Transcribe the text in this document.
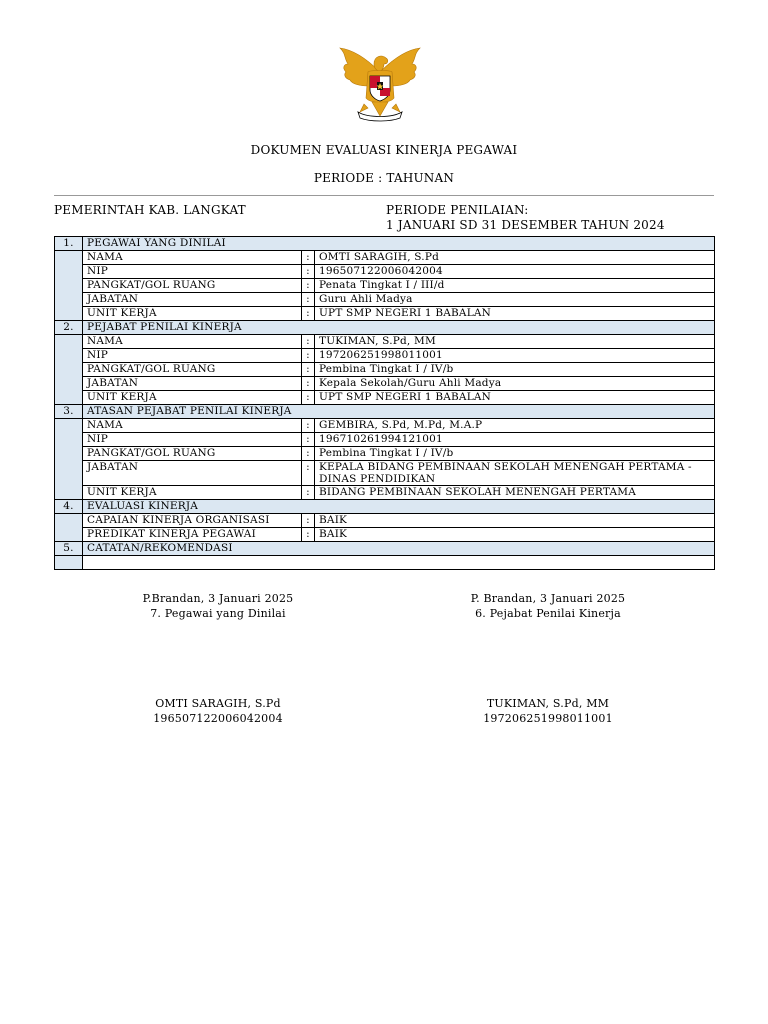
DOKUMEN EVALUASI KINERJA PEGAWAI
PERIODE : TAHUNAN
PEMERINTAH KAB. LANGKAT	PERIODE PENILAIAN:
1 JANUARI SD 31 DESEMBER TAHUN 2024
1.	PEGAWAI YANG DINILAI		
	NAMA	:	OMTI SARAGIH, S.Pd
	NIP	:	196507122006042004
	PANGKAT/GOL RUANG	:	Penata Tingkat I / III/d
	JABATAN	:	Guru Ahli Madya
	UNIT KERJA	:	UPT SMP NEGERI 1 BABALAN
2.	PEJABAT PENILAI KINERJA		
	NAMA	:	TUKIMAN, S.Pd, MM
	NIP	:	197206251998011001
	PANGKAT/GOL RUANG	:	Pembina Tingkat I / IV/b
	JABATAN	:	Kepala Sekolah/Guru Ahli Madya
	UNIT KERJA	:	UPT SMP NEGERI 1 BABALAN
3.	ATASAN PEJABAT PENILAI KINERJA		
	NAMA	:	GEMBIRA, S.Pd, M.Pd, M.A.P
	NIP	:	196710261994121001
	PANGKAT/GOL RUANG	:	Pembina Tingkat I / IV/b
	JABATAN	:	KEPALA BIDANG PEMBINAAN SEKOLAH MENENGAH PERTAMA - DINAS PENDIDIKAN
	UNIT KERJA	:	BIDANG PEMBINAAN SEKOLAH MENENGAH PERTAMA
4.	EVALUASI KINERJA		
	CAPAIAN KINERJA ORGANISASI	:	BAIK
	PREDIKAT KINERJA PEGAWAI	:	BAIK
5.	CATATAN/REKOMENDASI		

P.Brandan, 3 Januari 2025
7. Pegawai yang Dinilai
P. Brandan, 3 Januari 2025
6. Pejabat Penilai Kinerja
OMTI SARAGIH, S.Pd
196507122006042004
TUKIMAN, S.Pd, MM
197206251998011001
